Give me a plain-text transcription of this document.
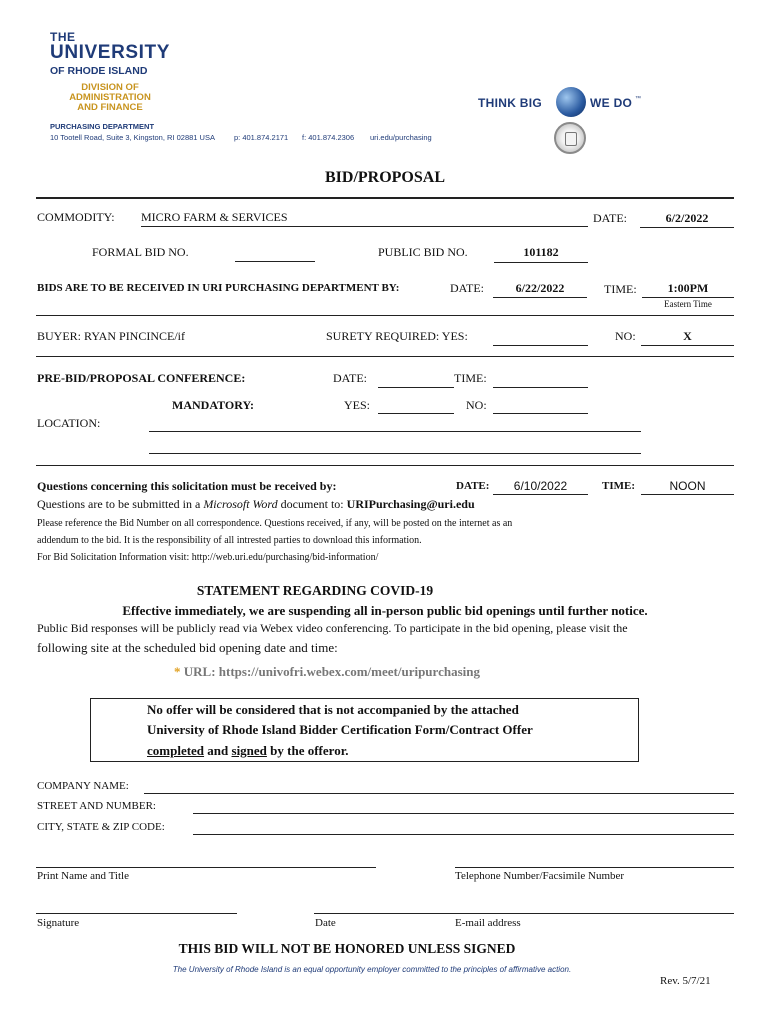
THE
UNIVERSITY
OF RHODE ISLAND
DIVISION OF
ADMINISTRATION
AND FINANCE
PURCHASING DEPARTMENT
10 Tootell Road, Suite 3, Kingston, RI 02881 USA	p: 401.874.2171 f: 401.874.2306 uri.edu/purchasing
THINK BIG	WE DO ™
BID/PROPOSAL
COMMODITY: MICRO FARM & SERVICES	DATE:	6/2/2022
FORMAL BID NO.	PUBLIC BID NO.	101182
BIDS ARE TO BE RECEIVED IN URI PURCHASING DEPARTMENT BY:	DATE:	6/22/2022	TIME:	1:00PM
Eastern Time
BUYER: RYAN PINCINCE/if	SURETY REQUIRED: YES:	NO:	X
PRE-BID/PROPOSAL CONFERENCE:	DATE:	TIME:
MANDATORY:	YES:	NO:
LOCATION:
Questions concerning this solicitation must be received by:	DATE:	6/10/2022	TIME:	NOON
Questions are to be submitted in a Microsoft Word document to: URIPurchasing@uri.edu
Please reference the Bid Number on all correspondence. Questions received, if any, will be posted on the internet as an
addendum to the bid. It is the responsibility of all intrested parties to download this information.
For Bid Solicitation Information visit: http://web.uri.edu/purchasing/bid-information/
STATEMENT REGARDING COVID-19
Effective immediately, we are suspending all in-person public bid openings until further notice.
Public Bid responses will be publicly read via Webex video conferencing. To participate in the bid opening, please visit the
following site at the scheduled bid opening date and time:
* URL: https://univofri.webex.com/meet/uripurchasing
No offer will be considered that is not accompanied by the attached
University of Rhode Island Bidder Certification Form/Contract Offer
completed and signed by the offeror.
COMPANY NAME:
STREET AND NUMBER:
CITY, STATE & ZIP CODE:
Print Name and Title	Telephone Number/Facsimile Number
Signature	Date	E-mail address
THIS BID WILL NOT BE HONORED UNLESS SIGNED
The University of Rhode Island is an equal opportunity employer committed to the principles of affirmative action.
Rev. 5/7/21
